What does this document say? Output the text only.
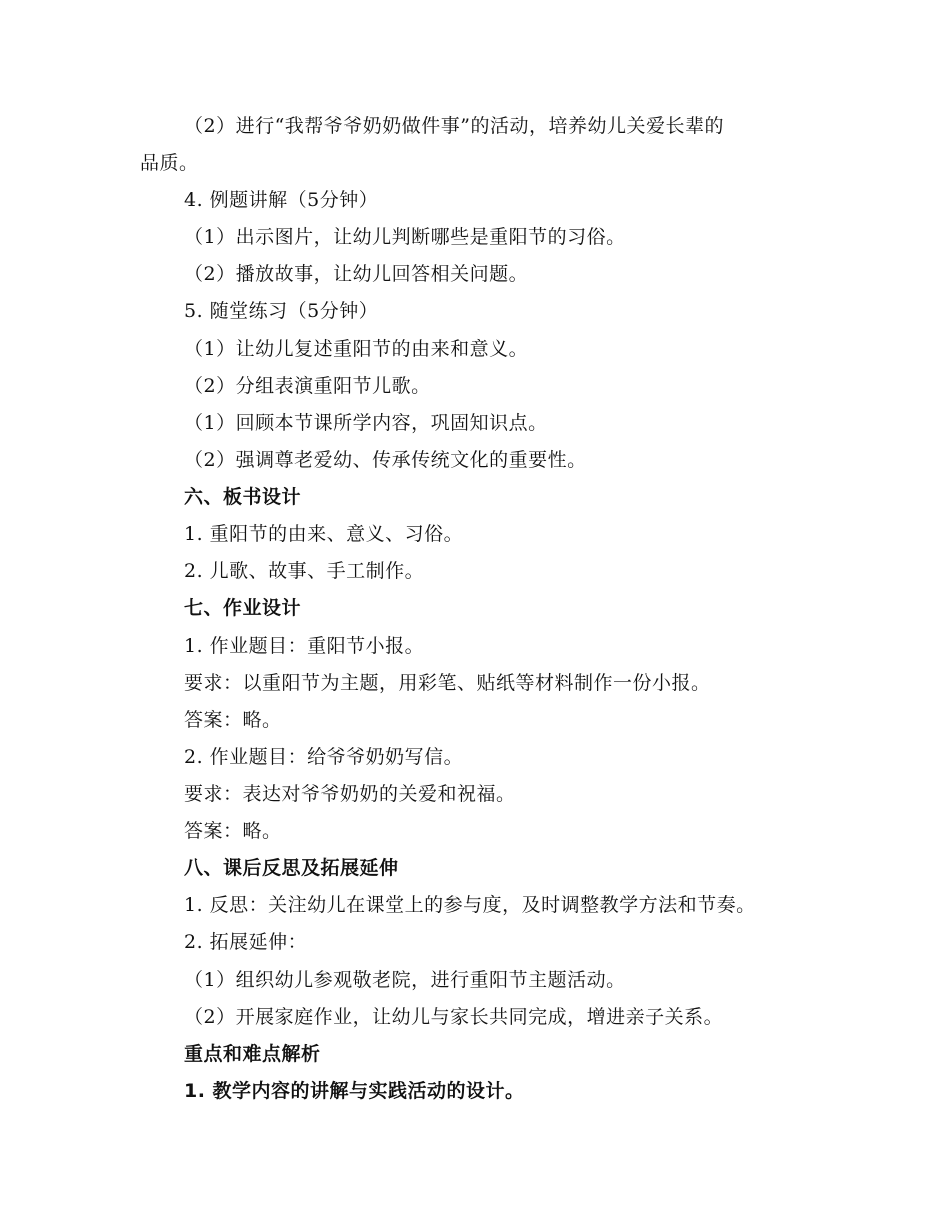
（2）进行“我帮爷爷奶奶做件事”的活动，培养幼儿关爱长辈的
品质。
4. 例题讲解（5分钟）
（1）出示图片，让幼儿判断哪些是重阳节的习俗。
（2）播放故事，让幼儿回答相关问题。
5. 随堂练习（5分钟）
（1）让幼儿复述重阳节的由来和意义。
（2）分组表演重阳节儿歌。
（1）回顾本节课所学内容，巩固知识点。
（2）强调尊老爱幼、传承传统文化的重要性。
六、板书设计
1. 重阳节的由来、意义、习俗。
2. 儿歌、故事、手工制作。
七、作业设计
1. 作业题目：重阳节小报。
要求：以重阳节为主题，用彩笔、贴纸等材料制作一份小报。
答案：略。
2. 作业题目：给爷爷奶奶写信。
要求：表达对爷爷奶奶的关爱和祝福。
答案：略。
八、课后反思及拓展延伸
1. 反思：关注幼儿在课堂上的参与度，及时调整教学方法和节奏。
2. 拓展延伸：
（1）组织幼儿参观敬老院，进行重阳节主题活动。
（2）开展家庭作业，让幼儿与家长共同完成，增进亲子关系。
重点和难点解析
1. 教学内容的讲解与实践活动的设计。
